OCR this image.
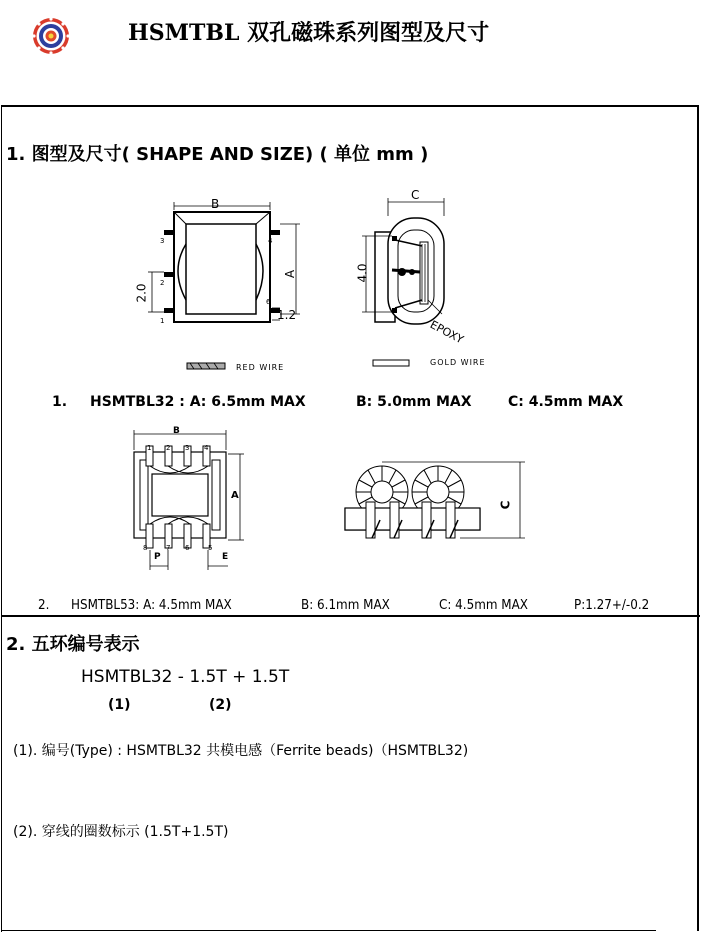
HSMTBL 双孔磁珠系列图型及尺寸
1. 图型及尺寸( SHAPE AND SIZE) ( 单位 mm )
B
A
2.0
1.2
3	4
2
1
6
C
4.0
EPOXY
RED WIRE
GOLD WIRE
1. HSMTBL32 : A: 6.5mm MAX	B: 5.0mm MAX	C: 4.5mm MAX
B
A
C
P	E
1 2 3 4
8	7 6	5
2. HSMTBL53: A: 4.5mm MAX	B: 6.1mm MAX	C: 4.5mm MAX	P:1.27+/-0.2
2. 五环编号表示
HSMTBL32 - 1.5T + 1.5T
(1)	(2)
(1). 编号(Type) : HSMTBL32 共模电感（Ferrite beads)（HSMTBL32)
(2). 穿线的圈数标示 (1.5T+1.5T)
